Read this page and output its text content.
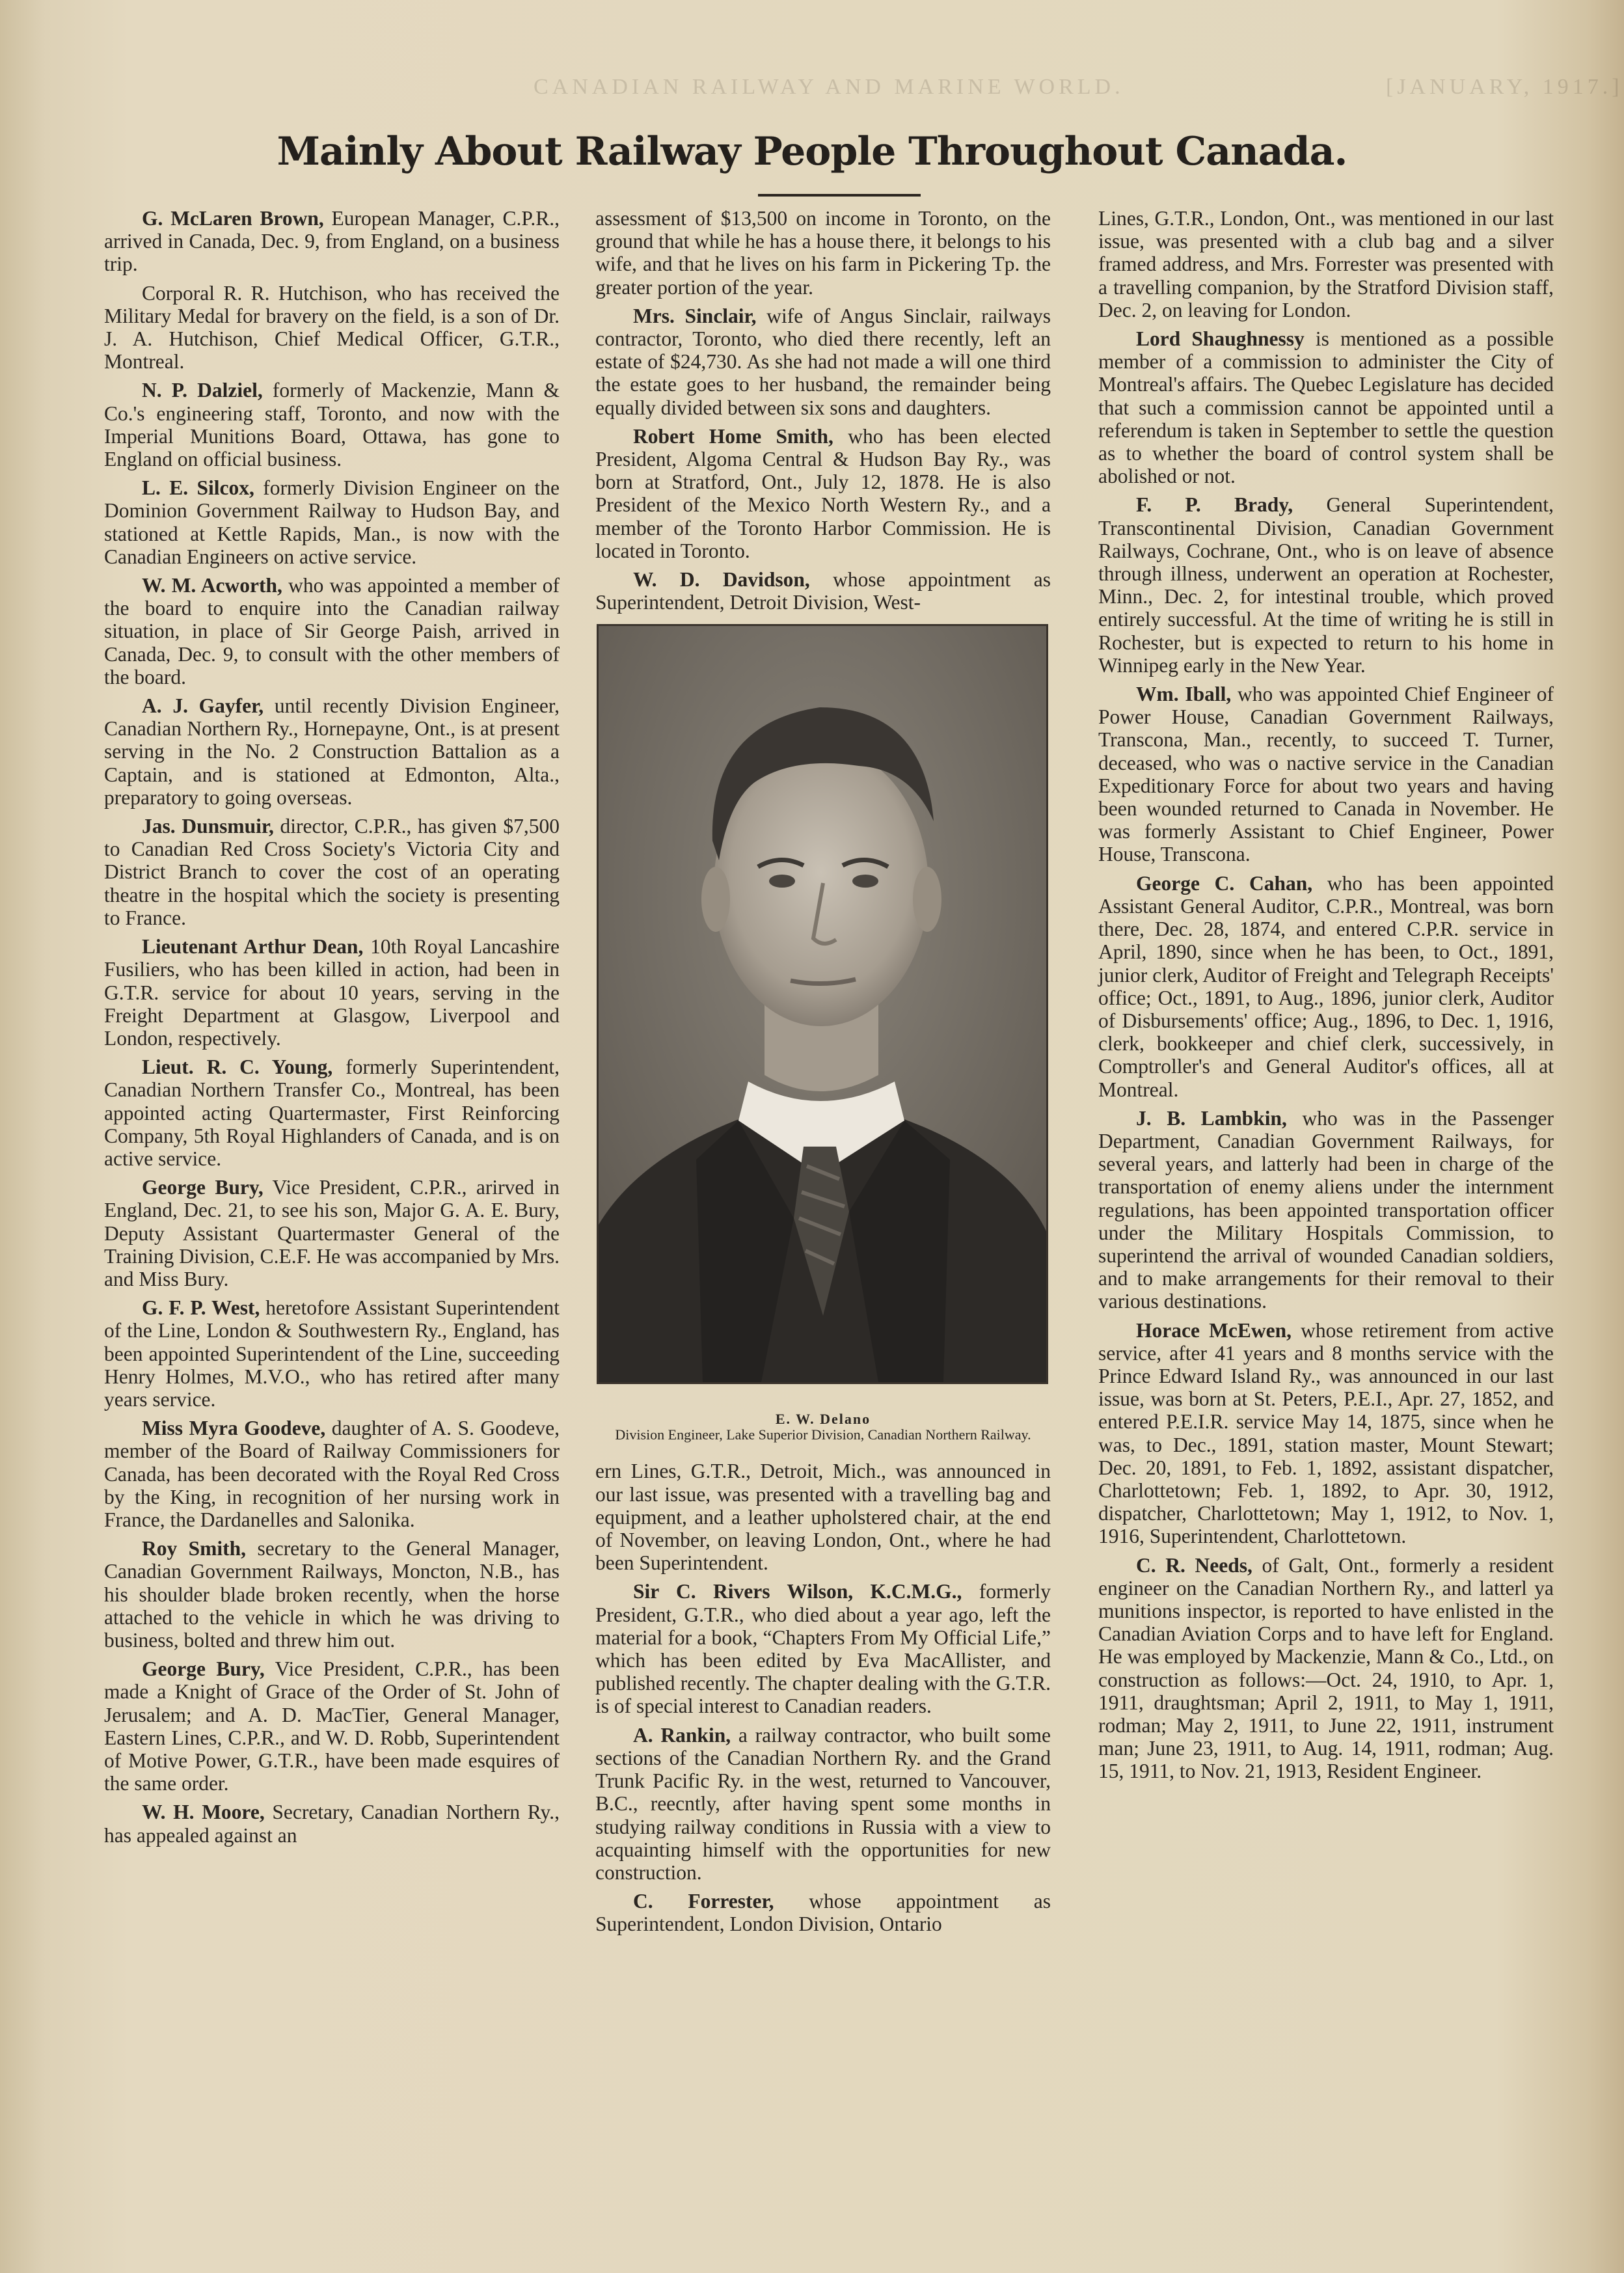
CANADIAN RAILWAY AND MARINE WORLD.	[JANUARY, 1917.]
Mainly About Railway People Throughout Canada.

G. McLaren Brown, European Manager, C.P.R., arrived in Canada, Dec. 9, from England, on a business trip.

Corporal R. R. Hutchison, who has received the Military Medal for bravery on the field, is a son of Dr. J. A. Hutchison, Chief Medical Officer, G.T.R., Montreal.

N. P. Dalziel, formerly of Mackenzie, Mann & Co.'s engineering staff, Toronto, and now with the Imperial Munitions Board, Ottawa, has gone to England on official business.

L. E. Silcox, formerly Division Engineer on the Dominion Government Railway to Hudson Bay, and stationed at Kettle Rapids, Man., is now with the Canadian Engineers on active service.

W. M. Acworth, who was appointed a member of the board to enquire into the Canadian railway situation, in place of Sir George Paish, arrived in Canada, Dec. 9, to consult with the other members of the board.

A. J. Gayfer, until recently Division Engineer, Canadian Northern Ry., Hornepayne, Ont., is at present serving in the No. 2 Construction Battalion as a Captain, and is stationed at Edmonton, Alta., preparatory to going overseas.

Jas. Dunsmuir, director, C.P.R., has given $7,500 to Canadian Red Cross Society's Victoria City and District Branch to cover the cost of an operating theatre in the hospital which the society is presenting to France.

Lieutenant Arthur Dean, 10th Royal Lancashire Fusiliers, who has been killed in action, had been in G.T.R. service for about 10 years, serving in the Freight Department at Glasgow, Liverpool and London, respectively.

Lieut. R. C. Young, formerly Superintendent, Canadian Northern Transfer Co., Montreal, has been appointed acting Quartermaster, First Reinforcing Company, 5th Royal Highlanders of Canada, and is on active service.

George Bury, Vice President, C.P.R., arirved in England, Dec. 21, to see his son, Major G. A. E. Bury, Deputy Assistant Quartermaster General of the Training Division, C.E.F. He was accompanied by Mrs. and Miss Bury.

G. F. P. West, heretofore Assistant Superintendent of the Line, London & Southwestern Ry., England, has been appointed Superintendent of the Line, succeeding Henry Holmes, M.V.O., who has retired after many years service.

Miss Myra Goodeve, daughter of A. S. Goodeve, member of the Board of Railway Commissioners for Canada, has been decorated with the Royal Red Cross by the King, in recognition of her nursing work in France, the Dardanelles and Salonika.

Roy Smith, secretary to the General Manager, Canadian Government Railways, Moncton, N.B., has his shoulder blade broken recently, when the horse attached to the vehicle in which he was driving to business, bolted and threw him out.

George Bury, Vice President, C.P.R., has been made a Knight of Grace of the Order of St. John of Jerusalem; and A. D. MacTier, General Manager, Eastern Lines, C.P.R., and W. D. Robb, Superintendent of Motive Power, G.T.R., have been made esquires of the same order.

W. H. Moore, Secretary, Canadian Northern Ry., has appealed against an

assessment of $13,500 on income in Toronto, on the ground that while he has a house there, it belongs to his wife, and that he lives on his farm in Pickering Tp. the greater portion of the year.

Mrs. Sinclair, wife of Angus Sinclair, railways contractor, Toronto, who died there recently, left an estate of $24,730. As she had not made a will one third the estate goes to her husband, the remainder being equally divided between six sons and daughters.

Robert Home Smith, who has been elected President, Algoma Central & Hudson Bay Ry., was born at Stratford, Ont., July 12, 1878. He is also President of the Mexico North Western Ry., and a member of the Toronto Harbor Commission. He is located in Toronto.

W. D. Davidson, whose appointment as Superintendent, Detroit Division, West-

E. W. Delano
Division Engineer, Lake Superior Division, Canadian Northern Railway.

ern Lines, G.T.R., Detroit, Mich., was announced in our last issue, was presented with a travelling bag and equipment, and a leather upholstered chair, at the end of November, on leaving London, Ont., where he had been Superintendent.

Sir C. Rivers Wilson, K.C.M.G., formerly President, G.T.R., who died about a year ago, left the material for a book, “Chapters From My Official Life,” which has been edited by Eva MacAllister, and published recently. The chapter dealing with the G.T.R. is of special interest to Canadian readers.

A. Rankin, a railway contractor, who built some sections of the Canadian Northern Ry. and the Grand Trunk Pacific Ry. in the west, returned to Vancouver, B.C., reecntly, after having spent some months in studying railway conditions in Russia with a view to acquainting himself with the opportunities for new construction.

C. Forrester, whose appointment as Superintendent, London Division, Ontario

Lines, G.T.R., London, Ont., was mentioned in our last issue, was presented with a club bag and a silver framed address, and Mrs. Forrester was presented with a travelling companion, by the Stratford Division staff, Dec. 2, on leaving for London.

Lord Shaughnessy is mentioned as a possible member of a commission to administer the City of Montreal's affairs. The Quebec Legislature has decided that such a commission cannot be appointed until a referendum is taken in September to settle the question as to whether the board of control system shall be abolished or not.

F. P. Brady, General Superintendent, Transcontinental Division, Canadian Government Railways, Cochrane, Ont., who is on leave of absence through illness, underwent an operation at Rochester, Minn., Dec. 2, for intestinal trouble, which proved entirely successful. At the time of writing he is still in Rochester, but is expected to return to his home in Winnipeg early in the New Year.

Wm. Iball, who was appointed Chief Engineer of Power House, Canadian Government Railways, Transcona, Man., recently, to succeed T. Turner, deceased, who was o nactive service in the Canadian Expeditionary Force for about two years and having been wounded returned to Canada in November. He was formerly Assistant to Chief Engineer, Power House, Transcona.

George C. Cahan, who has been appointed Assistant General Auditor, C.P.R., Montreal, was born there, Dec. 28, 1874, and entered C.P.R. service in April, 1890, since when he has been, to Oct., 1891, junior clerk, Auditor of Freight and Telegraph Receipts' office; Oct., 1891, to Aug., 1896, junior clerk, Auditor of Disbursements' office; Aug., 1896, to Dec. 1, 1916, clerk, bookkeeper and chief clerk, successively, in Comptroller's and General Auditor's offices, all at Montreal.

J. B. Lambkin, who was in the Passenger Department, Canadian Government Railways, for several years, and latterly had been in charge of the transportation of enemy aliens under the internment regulations, has been appointed transportation officer under the Military Hospitals Commission, to superintend the arrival of wounded Canadian soldiers, and to make arrangements for their removal to their various destinations.

Horace McEwen, whose retirement from active service, after 41 years and 8 months service with the Prince Edward Island Ry., was announced in our last issue, was born at St. Peters, P.E.I., Apr. 27, 1852, and entered P.E.I.R. service May 14, 1875, since when he was, to Dec., 1891, station master, Mount Stewart; Dec. 20, 1891, to Feb. 1, 1892, assistant dispatcher, Charlottetown; Feb. 1, 1892, to Apr. 30, 1912, dispatcher, Charlottetown; May 1, 1912, to Nov. 1, 1916, Superintendent, Charlottetown.

C. R. Needs, of Galt, Ont., formerly a resident engineer on the Canadian Northern Ry., and latterl ya munitions inspector, is reported to have enlisted in the Canadian Aviation Corps and to have left for England. He was employed by Mackenzie, Mann & Co., Ltd., on construction as follows:—Oct. 24, 1910, to Apr. 1, 1911, draughtsman; April 2, 1911, to May 1, 1911, rodman; May 2, 1911, to June 22, 1911, instrument man; June 23, 1911, to Aug. 14, 1911, rodman; Aug. 15, 1911, to Nov. 21, 1913, Resident Engineer.
